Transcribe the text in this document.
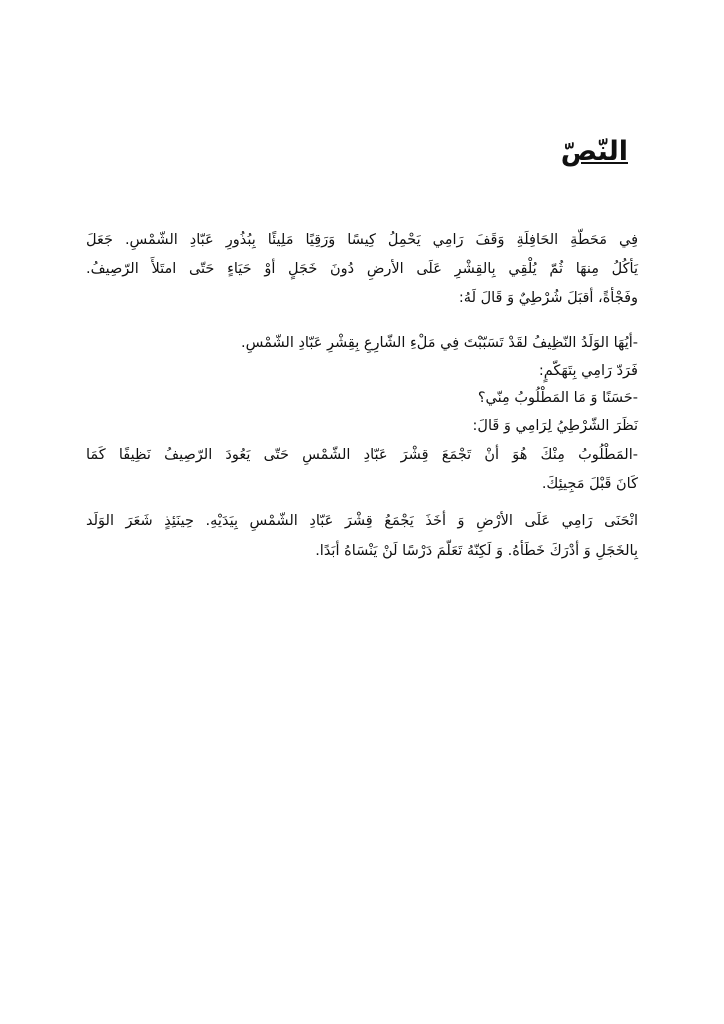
النّصّ
فِي مَحَطّةِ الحَافِلَةِ وَقَفَ رَامِي يَحْمِلُ كِيسًا وَرَقِيًا مَلِيئًا بِبُذُورِ عَبّادِ الشّمْسِ. جَعَلَ
يَأكُلُ مِنهَا ثُمّ يُلْقِي بِالقِشْرِ عَلَى الأرضِ دُونَ خَجَلٍ أوْ حَيَاءٍ حَتّى امتَلأَ الرّصِيفُ.
وفَجْأةً، أقبَلَ شُرْطِيٌ وَ قَالَ لَهُ:
-أيُهَا الوَلَدُ النّظِيفُ لقَدْ تَسَبّبْتَ فِي مَلْءِ الشّارِعِ بِقِشْرِ عَبّادِ الشّمْسِ.
فَرَدّ رَامِي بِتَهَكّمٍ:
-حَسَنًا وَ مَا المَطْلُوبُ مِنّي؟
نَظَرَ الشّرْطِيُ لِرَامِي وَ قَالَ:
-المَطْلُوبُ مِنْكَ هُوَ أنْ تَجْمَعَ قِشْرَ عَبّادِ الشّمْسِ حَتّى يَعُودَ الرّصِيفُ نَظِيفًا كَمَا
كَانَ قَبْلَ مَجِيئِكَ.
انْحَنَى رَامِي عَلَى الأرْضِ وَ أخَذَ يَجْمَعُ قِشْرَ عَبّادِ الشّمْسِ بِيَدَيْهِ. حِينَئِذٍ شَعَرَ الوَلَد
بِالخَجَلِ وَ أدْرَكَ خَطَأهُ. وَ لَكِنّهُ تَعَلّمَ دَرْسًا لَنْ يَنْسَاهُ أبَدًا.
